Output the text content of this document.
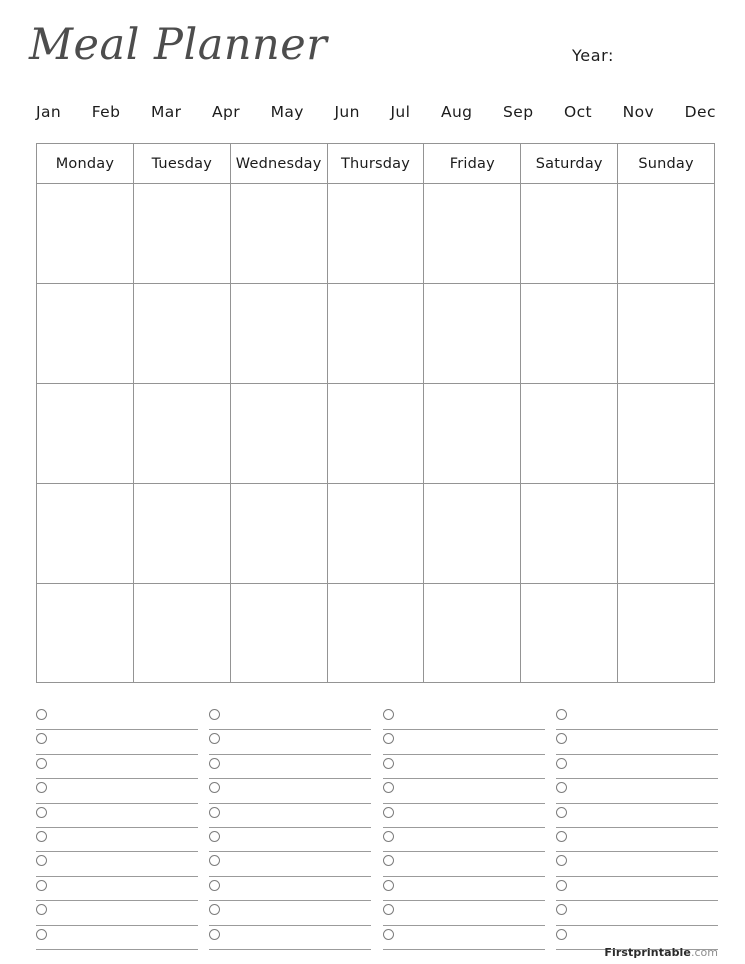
Meal Planner	Year:
Jan Feb Mar Apr May Jun Jul Aug Sep Oct Nov Dec
Monday	Tuesday	Wednesday	Thursday	Friday	Saturday	Sunday
Firstprintable.com
